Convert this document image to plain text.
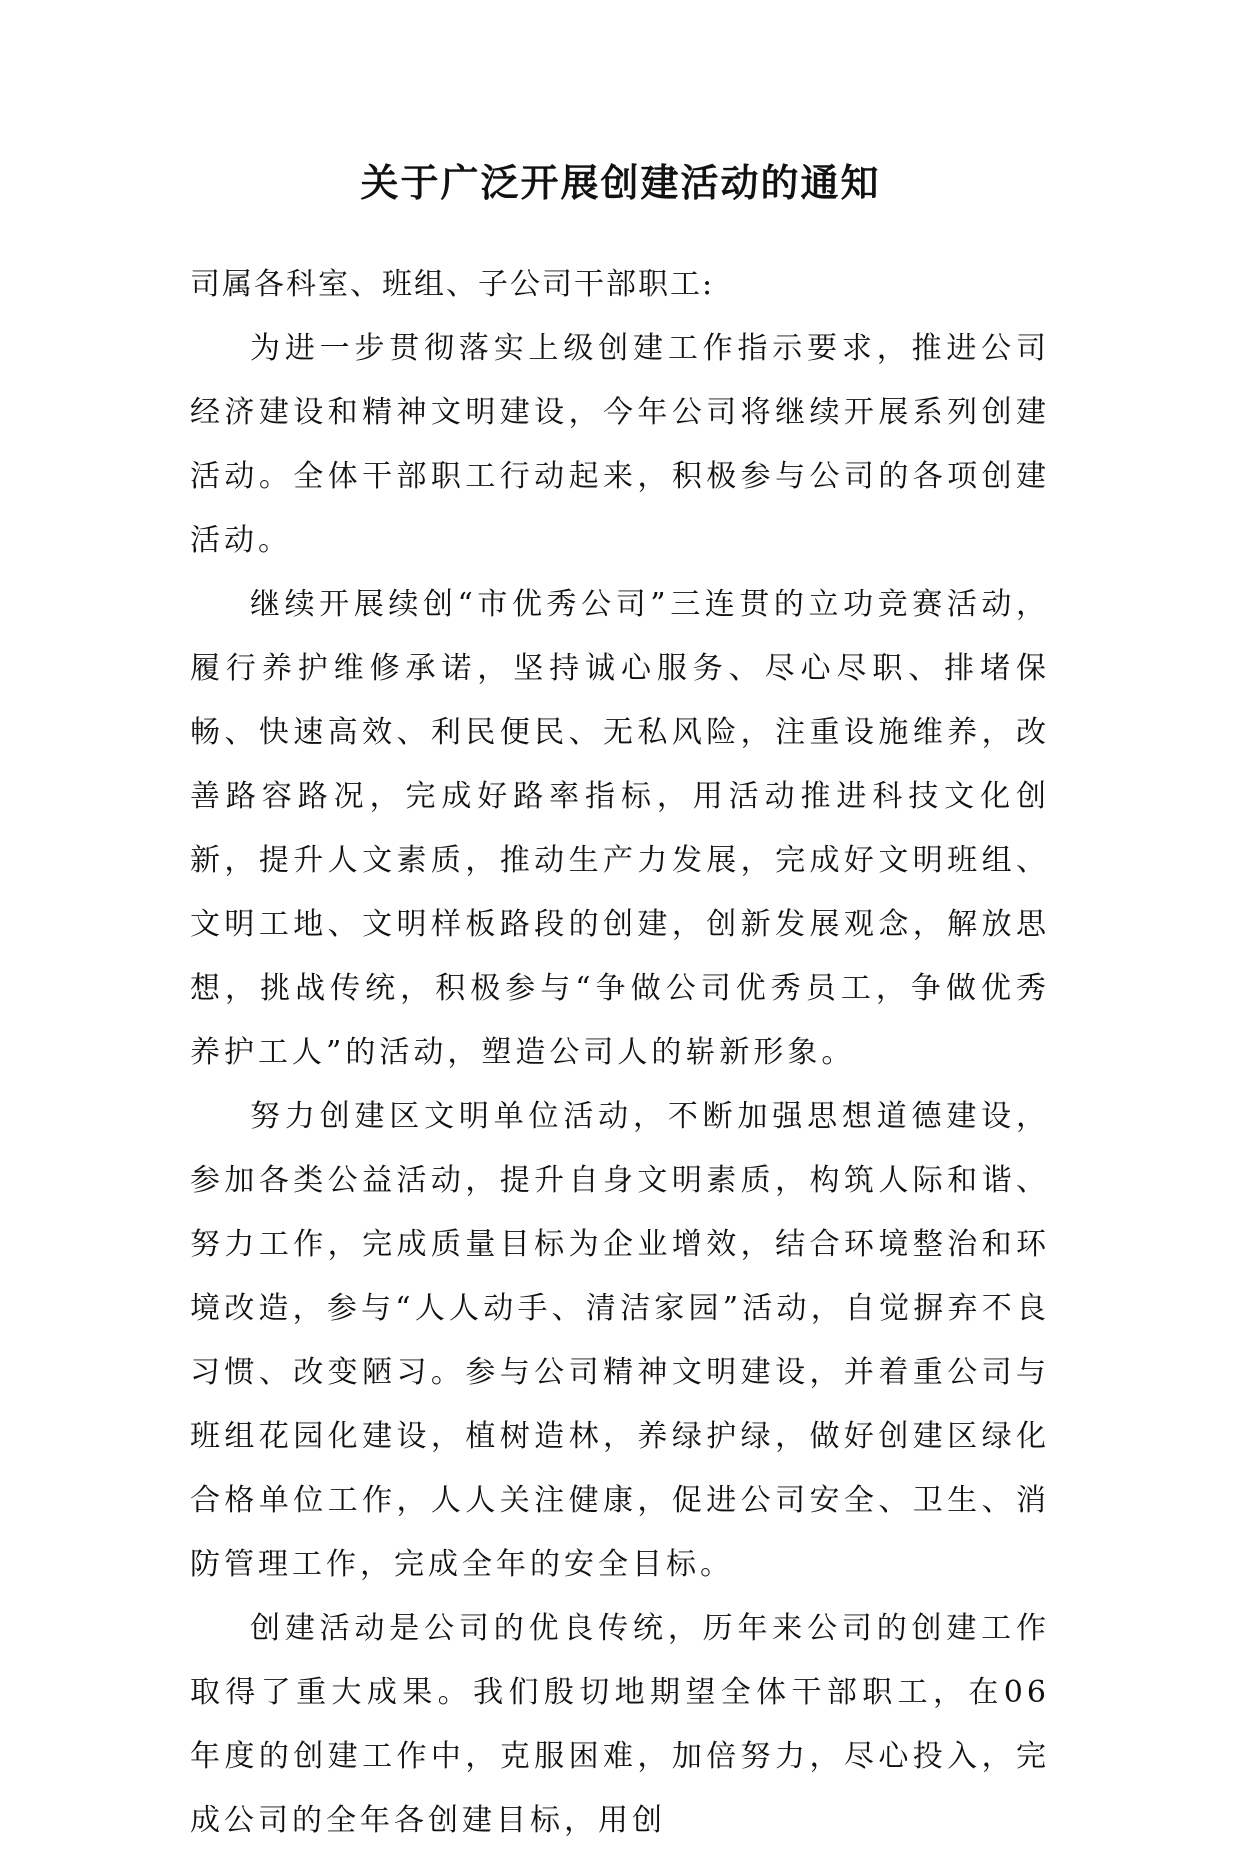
关于广泛开展创建活动的通知

司属各科室、班组、子公司干部职工:

为进一步贯彻落实上级创建工作指示要求，推进公司经济建设和精神文明建设，今年公司将继续开展系列创建活动。全体干部职工行动起来，积极参与公司的各项创建活动。

继续开展续创“市优秀公司”三连贯的立功竞赛活动，履行养护维修承诺，坚持诚心服务、尽心尽职、排堵保畅、快速高效、利民便民、无私风险，注重设施维养，改善路容路况，完成好路率指标，用活动推进科技文化创新，提升人文素质，推动生产力发展，完成好文明班组、文明工地、文明样板路段的创建，创新发展观念，解放思想，挑战传统，积极参与“争做公司优秀员工，争做优秀养护工人”的活动，塑造公司人的崭新形象。

努力创建区文明单位活动，不断加强思想道德建设，参加各类公益活动，提升自身文明素质，构筑人际和谐、努力工作，完成质量目标为企业增效，结合环境整治和环境改造，参与“人人动手、清洁家园”活动，自觉摒弃不良习惯、改变陋习。参与公司精神文明建设，并着重公司与班组花园化建设，植树造林，养绿护绿，做好创建区绿化合格单位工作，人人关注健康，促进公司安全、卫生、消防管理工作，完成全年的安全目标。

创建活动是公司的优良传统，历年来公司的创建工作取得了重大成果。我们殷切地期望全体干部职工，在06年度的创建工作中，克服困难，加倍努力，尽心投入，完成公司的全年各创建目标，用创
